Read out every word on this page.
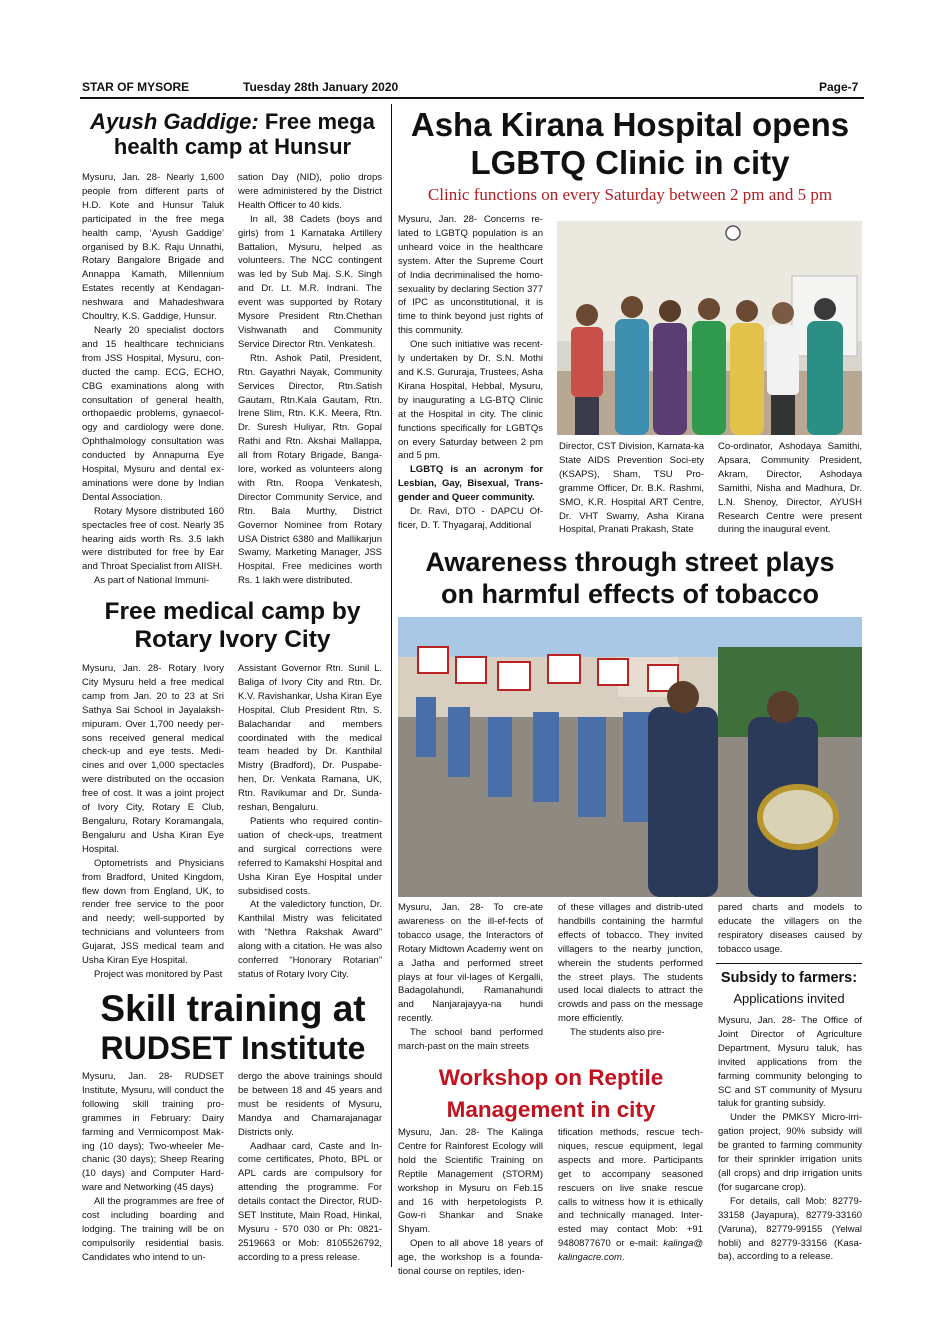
STAR OF MYSORE	Tuesday 28th January 2020	Page-7
Ayush Gaddige: Free mega
health camp at Hunsur

Mysuru, Jan. 28- Nearly 1,600 people from different parts of H.D. Kote and Hunsur Taluk participated in the free mega health camp, ‘Ayush Gaddige’ organised by B.K. Raju Unnathi, Rotary Bangalore Brigade and Annappa Kamath, Millennium Estates recently at Kendagan-neshwara and Mahadeshwara Choultry, K.S. Gaddige, Hunsur.

Nearly 20 specialist doctors and 15 healthcare technicians from JSS Hospital, Mysuru, con-ducted the camp. ECG, ECHO, CBG examinations along with consultation of general health, orthopaedic problems, gynaecol-ogy and cardiology were done. Ophthalmology consultation was conducted by Annapurna Eye Hospital, Mysuru and dental ex-aminations were done by Indian Dental Association.

Rotary Mysore distributed 160 spectacles free of cost. Nearly 35 hearing aids worth Rs. 3.5 lakh were distributed for free by Ear and Throat Specialist from AIISH.

As part of National Immuni-

sation Day (NID), polio drops were administered by the District Health Officer to 40 kids.

In all, 38 Cadets (boys and girls) from 1 Karnataka Artillery Battalion, Mysuru, helped as volunteers. The NCC contingent was led by Sub Maj. S.K. Singh and Dr. Lt. M.R. Indrani. The event was supported by Rotary Mysore President Rtn.Chethan Vishwanath and Community Service Director Rtn. Venkatesh.

Rtn. Ashok Patil, President, Rtn. Gayathri Nayak, Community Services Director, Rtn.Satish Gautam, Rtn.Kala Gautam, Rtn. Irene Slim, Rtn. K.K. Meera, Rtn. Dr. Suresh Huliyar, Rtn. Gopal Rathi and Rtn. Akshai Mallappa, all from Rotary Brigade, Banga-lore, worked as volunteers along with Rtn. Roopa Venkatesh, Director Community Service, and Rtn. Bala Murthy, District Governor Nominee from Rotary USA District 6380 and Mallikarjun Swamy, Marketing Manager, JSS Hospital. Free medicines worth Rs. 1 lakh were distributed.

Free medical camp by
Rotary Ivory City

Mysuru, Jan. 28- Rotary Ivory City Mysuru held a free medical camp from Jan. 20 to 23 at Sri Sathya Sai School in Jayalaksh-mipuram. Over 1,700 needy per-sons received general medical check-up and eye tests. Medi-cines and over 1,000 spectacles were distributed on the occasion free of cost. It was a joint project of Ivory City, Rotary E Club, Bengaluru, Rotary Koramangala, Bengaluru and Usha Kiran Eye Hospital.

Optometrists and Physicians from Bradford, United Kingdom, flew down from England, UK, to render free service to the poor and needy; well-supported by technicians and volunteers from Gujarat, JSS medical team and Usha Kiran Eye Hospital.

Project was monitored by Past

Assistant Governor Rtn. Sunil L. Baliga of Ivory City and Rtn. Dr. K.V. Ravishankar, Usha Kiran Eye Hospital. Club President Rtn. S. Balachandar and members coordinated with the medical team headed by Dr. Kanthilal Mistry (Bradford), Dr. Puspabe-hen, Dr. Venkata Ramana, UK, Rtn. Ravikumar and Dr. Sunda-reshan, Bengaluru.

Patients who required contin-uation of check-ups, treatment and surgical corrections were referred to Kamakshi Hospital and Usha Kiran Eye Hospital under subsidised costs.

At the valedictory function, Dr. Kanthilal Mistry was felicitated with “Nethra Rakshak Award” along with a citation. He was also conferred “Honorary Rotarian” status of Rotary Ivory City.

Skill training at
RUDSET Institute

Mysuru, Jan. 28- RUDSET Institute, Mysuru, will conduct the following skill training pro-grammes in February: Dairy farming and Vermicompost Mak-ing (10 days); Two-wheeler Me-chanic (30 days); Sheep Rearing (10 days) and Computer Hard-ware and Networking (45 days)

All the programmes are free of cost including boarding and lodging. The training will be on compulsorily residential basis. Candidates who intend to un-

dergo the above trainings should be between 18 and 45 years and must be residents of Mysuru, Mandya and Chamarajanagar Districts only.

Aadhaar card, Caste and In-come certificates, Photo, BPL or APL cards are compulsory for attending the programme. For details contact the Director, RUD-SET Institute, Main Road, Hinkal, Mysuru - 570 030 or Ph: 0821-2519663 or Mob: 8105526792, according to a press release.

Asha Kirana Hospital opens
LGBTQ Clinic in city
Clinic functions on every Saturday between 2 pm and 5 pm

Mysuru, Jan. 28- Concerns re-lated to LGBTQ population is an unheard voice in the healthcare system. After the Supreme Court of India decriminalised the homo-sexuality by declaring Section 377 of IPC as unconstitutional, it is time to think beyond just rights of this community.

One such initiative was recent-ly undertaken by Dr. S.N. Mothi and K.S. Gururaja, Trustees, Asha Kirana Hospital, Hebbal, Mysuru, by inaugurating a LG-BTQ Clinic at the Hospital in city. The clinic functions specifically for LGBTQs on every Saturday between 2 pm and 5 pm.

LGBTQ is an acronym for Lesbian, Gay, Bisexual, Trans-gender and Queer community.

Dr. Ravi, DTO - DAPCU Of-ficer, D. T. Thyagaraj, Additional

Director, CST Division, Karnata-ka State AIDS Prevention Soci-ety (KSAPS), Sham, TSU Pro-gramme Officer, Dr. B.K. Rashmi, SMO, K.R. Hospital ART Centre, Dr. VHT Swamy, Asha Kirana Hospital, Pranati Prakash, State

Co-ordinator, Ashodaya Samithi, Apsara, Community President, Akram, Director, Ashodaya Samithi, Nisha and Madhura, Dr. L.N. Shenoy, Director, AYUSH Research Centre were present during the inaugural event.

Awareness through street plays
on harmful effects of tobacco

Mysuru, Jan. 28- To cre-ate awareness on the ill-ef-fects of tobacco usage, the Interactors of Rotary Midtown Academy went on a Jatha and performed street plays at four vil-lages of Kergalli, Badagolahundi, Ramanahundi and Nanjarajayya-na hundi recently.

The school band performed march-past on the main streets

of these villages and distrib-uted handbills containing the harmful effects of tobacco. They invited villagers to the nearby junction, wherein the students performed the street plays. The students used local dialects to attract the crowds and pass on the message more efficiently.

The students also pre-

pared charts and models to educate the villagers on the respiratory diseases caused by tobacco usage.

Subsidy to farmers:
Applications invited

Mysuru, Jan. 28- The Office of Joint Director of Agriculture Department, Mysuru taluk, has invited applications from the farming community belonging to SC and ST community of Mysuru taluk for granting subsidy.

Under the PMKSY Micro-irri-gation project, 90% subsidy will be granted to farming community for their sprinkler irrigation units (all crops) and drip irrigation units (for sugarcane crop).

For details, call Mob: 82779-33158 (Jayapura), 82779-33160 (Varuna), 82779-99155 (Yelwal hobli) and 82779-33156 (Kasa-ba), according to a release.

Workshop on Reptile
Management in city

Mysuru, Jan. 28- The Kalinga Centre for Rainforest Ecology will hold the Scientific Training on Reptile Management (STORM) workshop in Mysuru on Feb.15 and 16 with herpetologists P. Gow-ri Shankar and Snake Shyam.

Open to all above 18 years of age, the workshop is a founda-tional course on reptiles, iden-

tification methods, rescue tech-niques, rescue equipment, legal aspects and more. Participants get to accompany seasoned rescuers on live snake rescue calls to witness how it is ethically and technically managed. Inter-ested may contact Mob: +91 9480877670 or e-mail: kalinga@ kalingacre.com.
